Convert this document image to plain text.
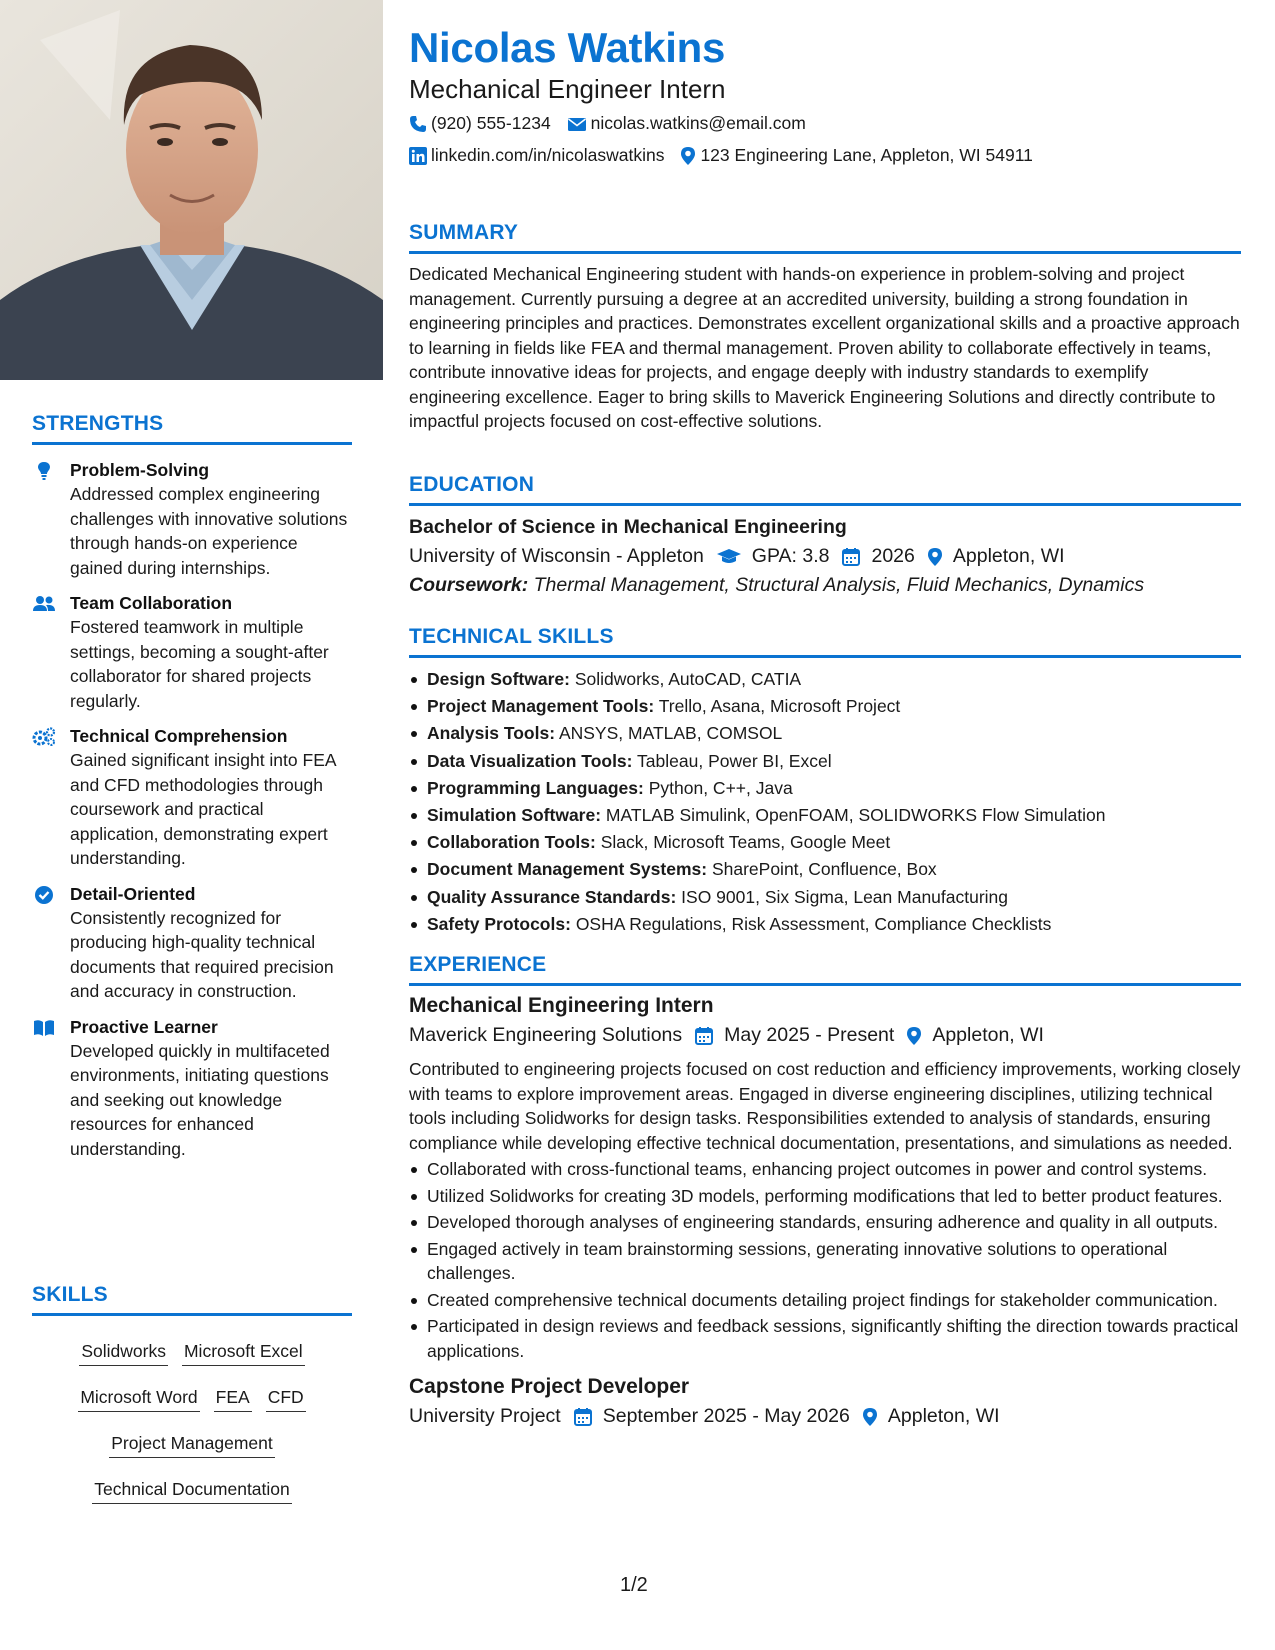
STRENGTHS
Problem-Solving
Addressed complex engineering challenges with innovative solutions through hands-on experience gained during internships.
Team Collaboration
Fostered teamwork in multiple settings, becoming a sought-after collaborator for shared projects regularly.
Technical Comprehension
Gained significant insight into FEA and CFD methodologies through coursework and practical application, demonstrating expert understanding.
Detail-Oriented
Consistently recognized for producing high-quality technical documents that required precision and accuracy in construction.
Proactive Learner
Developed quickly in multifaceted environments, initiating questions and seeking out knowledge resources for enhanced understanding.
SKILLS
Solidworks Microsoft Excel
Microsoft Word FEA CFD
Project Management
Technical Documentation
Nicolas Watkins
Mechanical Engineer Intern
(920) 555-1234 nicolas.watkins@email.com
linkedin.com/in/nicolaswatkins 123 Engineering Lane, Appleton, WI 54911
SUMMARY
Dedicated Mechanical Engineering student with hands-on experience in problem-solving and project management. Currently pursuing a degree at an accredited university, building a strong foundation in engineering principles and practices. Demonstrates excellent organizational skills and a proactive approach to learning in fields like FEA and thermal management. Proven ability to collaborate effectively in teams, contribute innovative ideas for projects, and engage deeply with industry standards to exemplify engineering excellence. Eager to bring skills to Maverick Engineering Solutions and directly contribute to impactful projects focused on cost-effective solutions.
EDUCATION
Bachelor of Science in Mechanical Engineering
University of Wisconsin - Appleton GPA: 3.8 2026 Appleton, WI
Coursework: Thermal Management, Structural Analysis, Fluid Mechanics, Dynamics
TECHNICAL SKILLS
Design Software: Solidworks, AutoCAD, CATIA
Project Management Tools: Trello, Asana, Microsoft Project
Analysis Tools: ANSYS, MATLAB, COMSOL
Data Visualization Tools: Tableau, Power BI, Excel
Programming Languages: Python, C++, Java
Simulation Software: MATLAB Simulink, OpenFOAM, SOLIDWORKS Flow Simulation
Collaboration Tools: Slack, Microsoft Teams, Google Meet
Document Management Systems: SharePoint, Confluence, Box
Quality Assurance Standards: ISO 9001, Six Sigma, Lean Manufacturing
Safety Protocols: OSHA Regulations, Risk Assessment, Compliance Checklists
EXPERIENCE
Mechanical Engineering Intern
Maverick Engineering Solutions May 2025 - Present Appleton, WI
Contributed to engineering projects focused on cost reduction and efficiency improvements, working closely with teams to explore improvement areas. Engaged in diverse engineering disciplines, utilizing technical tools including Solidworks for design tasks. Responsibilities extended to analysis of standards, ensuring compliance while developing effective technical documentation, presentations, and simulations as needed.
Collaborated with cross-functional teams, enhancing project outcomes in power and control systems.
Utilized Solidworks for creating 3D models, performing modifications that led to better product features.
Developed thorough analyses of engineering standards, ensuring adherence and quality in all outputs.
Engaged actively in team brainstorming sessions, generating innovative solutions to operational challenges.
Created comprehensive technical documents detailing project findings for stakeholder communication.
Participated in design reviews and feedback sessions, significantly shifting the direction towards practical applications.
Capstone Project Developer
University Project September 2025 - May 2026 Appleton, WI
1/2
